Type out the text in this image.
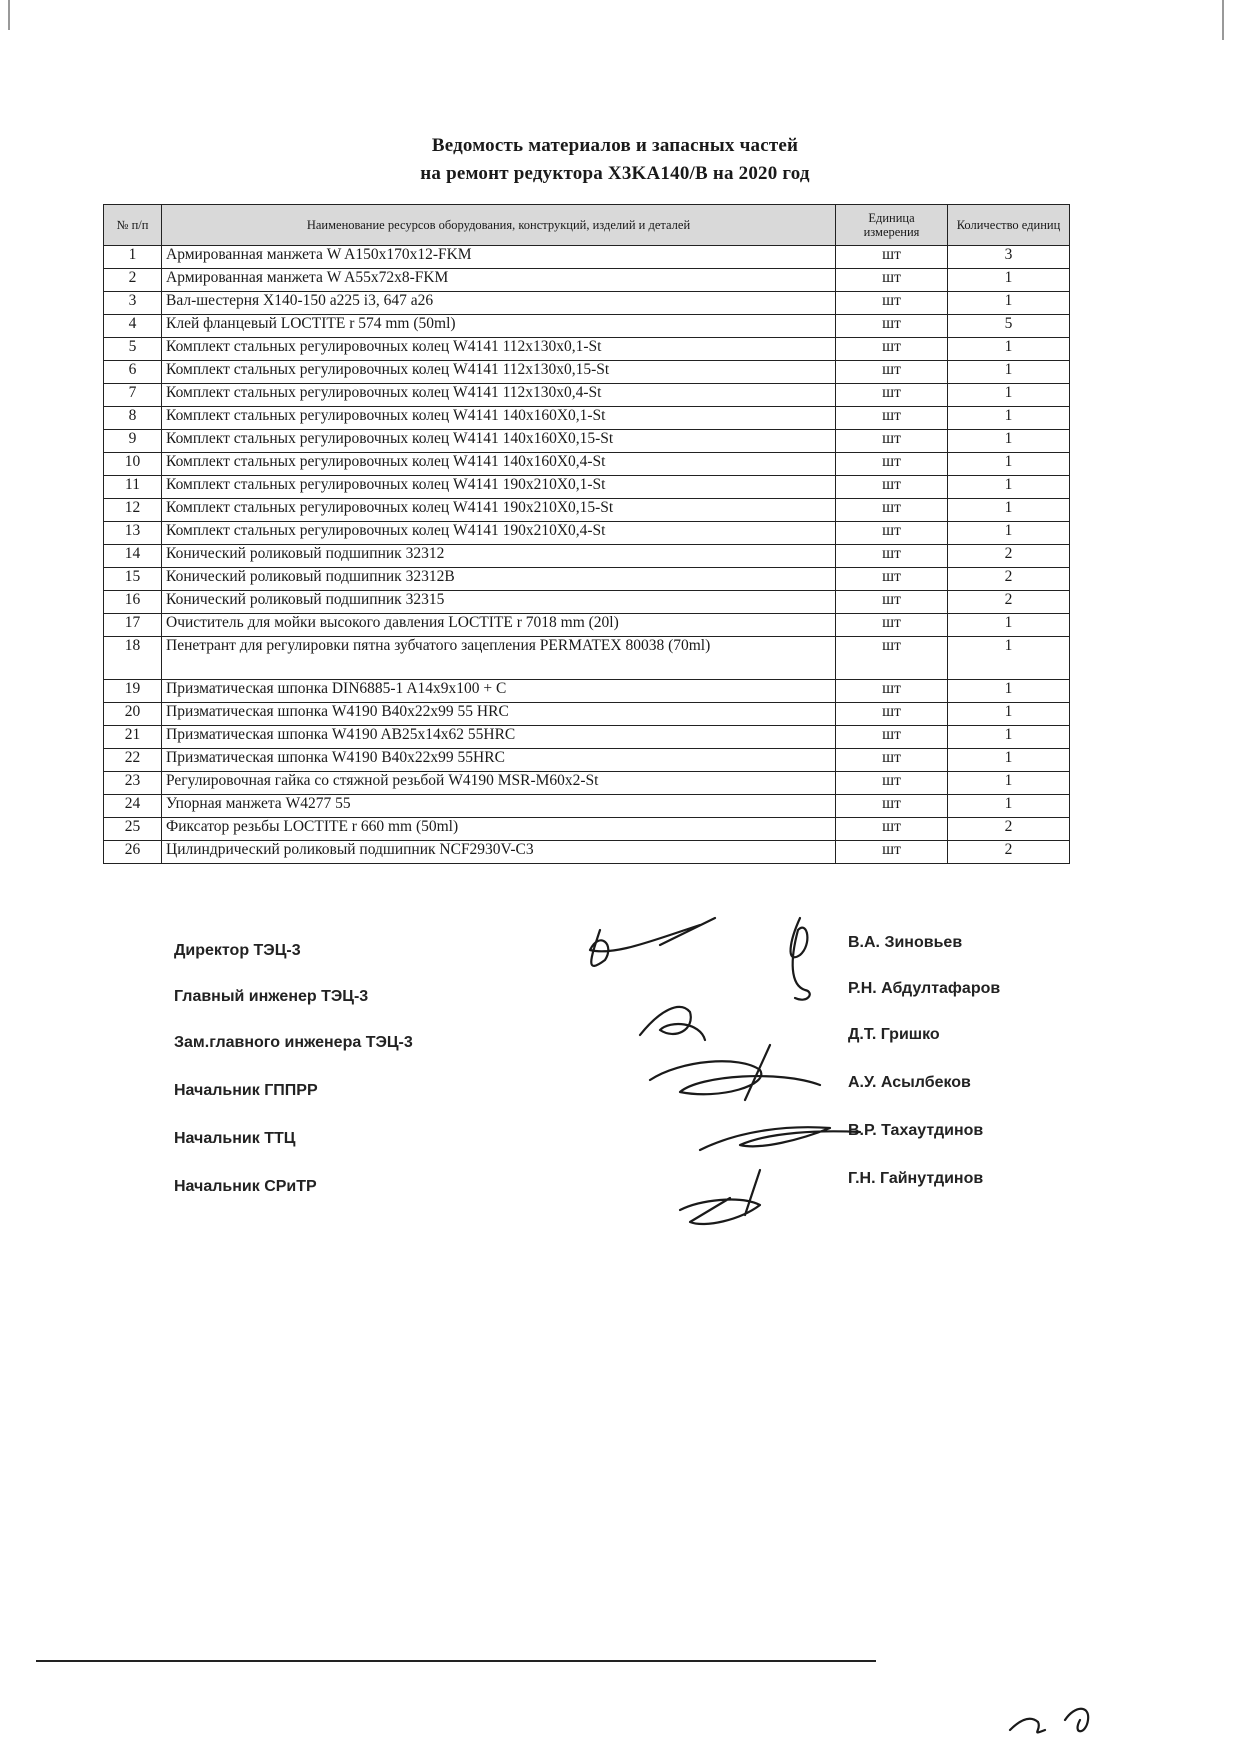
Ведомость материалов и запасных частей
на ремонт редуктора X3KA140/B на 2020 год
№ п/п	Наименование ресурсов оборудования, конструкций, изделий и деталей	Единица измерения	Количество единиц
1	Армированная манжета W A150x170x12-FKM	шт	3
2	Армированная манжета W A55x72x8-FKM	шт	1
3	Вал-шестерня X140-150 a225 i3, 647 a26	шт	1
4	Клей фланцевый LOCTITE r 574 mm (50ml)	шт	5
5	Комплект стальных регулировочных колец W4141 112x130x0,1-St	шт	1
6	Комплект стальных регулировочных колец W4141 112x130x0,15-St	шт	1
7	Комплект стальных регулировочных колец W4141 112x130x0,4-St	шт	1
8	Комплект стальных регулировочных колец W4141 140x160X0,1-St	шт	1
9	Комплект стальных регулировочных колец W4141 140x160X0,15-St	шт	1
10	Комплект стальных регулировочных колец W4141 140x160X0,4-St	шт	1
11	Комплект стальных регулировочных колец W4141 190x210X0,1-St	шт	1
12	Комплект стальных регулировочных колец W4141 190x210X0,15-St	шт	1
13	Комплект стальных регулировочных колец W4141 190x210X0,4-St	шт	1
14	Конический роликовый подшипник 32312	шт	2
15	Конический роликовый подшипник 32312B	шт	2
16	Конический роликовый подшипник 32315	шт	2
17	Очиститель для мойки высокого давления LOCTITE r 7018 mm (20l)	шт	1
18	Пенетрант для регулировки пятна зубчатого зацепления PERMATEX 80038 (70ml)	шт	1
19	Призматическая шпонка DIN6885-1 A14x9x100 + C	шт	1
20	Призматическая шпонка W4190 B40x22x99 55 HRC	шт	1
21	Призматическая шпонка W4190 AB25x14x62 55HRC	шт	1
22	Призматическая шпонка W4190 B40x22x99 55HRC	шт	1
23	Регулировочная гайка со стяжной резьбой W4190 MSR-M60x2-St	шт	1
24	Упорная манжета W4277 55	шт	1
25	Фиксатор резьбы LOCTITE r 660 mm (50ml)	шт	2
26	Цилиндрический роликовый подшипник NCF2930V-C3	шт	2
Директор ТЭЦ-3	В.А. Зиновьев
Главный инженер ТЭЦ-3	Р.Н. Абдултафаров
Зам.главного инженера ТЭЦ-3	Д.Т. Гришко
Начальник ГППРР	А.У. Асылбеков
Начальник ТТЦ	В.Р. Тахаутдинов
Начальник СРиТР	Г.Н. Гайнутдинов
